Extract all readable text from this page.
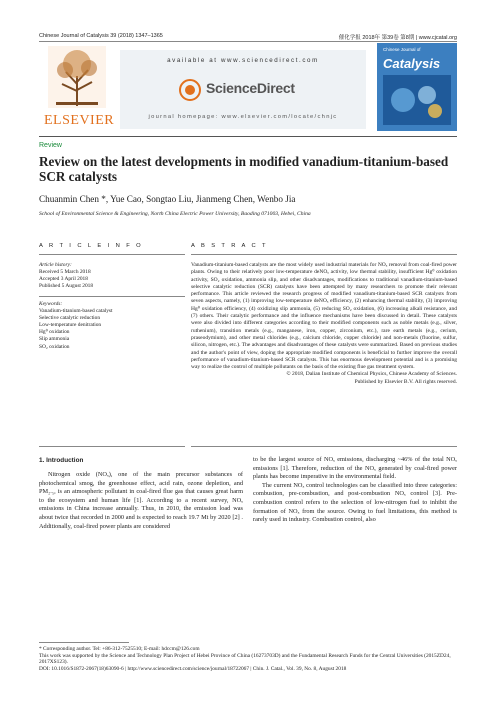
Chinese Journal of Catalysis 39 (2018) 1347–1365	催化学报 2018年 第39卷 第8期 | www.cjcatal.org
ELSEVIER
available at www.sciencedirect.com
ScienceDirect
journal homepage: www.elsevier.com/locate/chnjc
Chinese Journal of
Catalysis
Review
Review on the latest developments in modified vanadium-titanium-based SCR catalysts
Chuanmin Chen *, Yue Cao, Songtao Liu, Jianmeng Chen, Wenbo Jia
School of Environmental Science & Engineering, North China Electric Power University, Baoding 071003, Hebei, China
A R T I C L E I N F O	A B S T R A C T
Article history:
Received 5 March 2018
Accepted 3 April 2018
Published 5 August 2018
Keywords:
Vanadium-titanium-based catalyst
Selective catalytic reduction
Low-temperature denitration
Hg⁰ oxidation
Slip ammonia
SO₂ oxidation

Vanadium-titanium-based catalysts are the most widely used industrial materials for NOₓ removal from coal-fired power plants. Owing to their relatively poor low-temperature deNOₓ activity, low thermal stability, insufficient Hg⁰ oxidation activity, SO₂ oxidation, ammonia slip, and other disadvantages, modifications to traditional vanadium-titanium-based selective catalytic reduction (SCR) catalysts have been attempted by many researchers to promote their relevant performance. This article reviewed the research progress of modified vanadium-titanium-based SCR catalysts from seven aspects, namely, (1) improving low-temperature deNOₓ efficiency, (2) enhancing thermal stability, (3) improving Hg⁰ oxidation efficiency, (4) oxidizing slip ammonia, (5) reducing SO₂ oxidation, (6) increasing alkali resistance, and (7) others. Their catalytic performance and the influence mechanisms have been discussed in detail. These catalysts were also divided into different categories according to their modified components such as noble metals (e.g., silver, ruthenium), transition metals (e.g., manganese, iron, copper, zirconium, etc.), rare earth metals (e.g., cerium, praseodymium), and other metal chlorides (e.g., calcium chloride, copper chloride) and non-metals (fluorine, sulfur, silicon, nitrogen, etc.). The advantages and disadvantages of these catalysts were summarized. Based on previous studies and the author's point of view, doping the appropriate modified components is beneficial to further improve the overall performance of vanadium-titanium-based SCR catalysts. This has enormous development potential and is a promising way to realize the control of multiple pollutants on the basis of the existing flue gas treatment system.

© 2018, Dalian Institute of Chemical Physics, Chinese Academy of Sciences.

Published by Elsevier B.V. All rights reserved.

1. Introduction

Nitrogen oxide (NOₓ), one of the main precursor substances of photochemical smog, the greenhouse effect, acid rain, ozone depletion, and PM₂.₅, is an atmospheric pollutant in coal-fired flue gas that causes great harm to the ecosystem and human life [1]. According to a recent survey, NOₓ emissions in China increase annually. Thus, in 2010, the emission load was about twice that recorded in 2000 and is expected to reach 19.7 Mt by 2020 [2] . Additionally, coal-fired power plants are considered

to be the largest source of NOₓ emissions, discharging ~46% of the total NOₓ emissions [1]. Therefore, reduction of the NOₓ generated by coal-fired power plants has become imperative in the environmental field.

The current NOₓ control technologies can be classified into three categories: combustion, pre-combustion, and post-combustion NOₓ control [3]. Pre-combustion control refers to the selection of low-nitrogen fuel to inhibit the formation of NOₓ from the source. Owing to fuel limitations, this method is rarely used in industry. Combustion control, also

* Corresponding author. Tel: +86-312-7525510; E-mail: hdccm@126.com

This work was supported by the Science and Technology Plan Project of Hebei Province of China (16273703D) and the Fundamental Research Funds for the Central Universities (2015ZD24, 2017XS123).

DOI: 10.1016/S1872-2067(18)63090-6 | http://www.sciencedirect.com/science/journal/18722067 | Chin. J. Catal., Vol. 39, No. 8, August 2018
